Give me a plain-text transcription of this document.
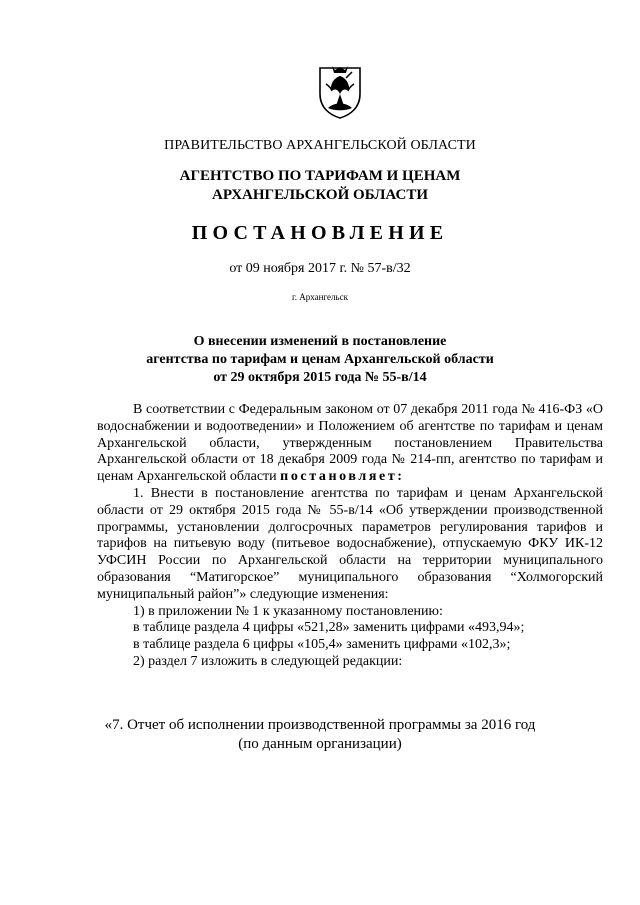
ПРАВИТЕЛЬСТВО АРХАНГЕЛЬСКОЙ ОБЛАСТИ
АГЕНТСТВО ПО ТАРИФАМ И ЦЕНАМ
АРХАНГЕЛЬСКОЙ ОБЛАСТИ
ПОСТАНОВЛЕНИЕ
от 09 ноября 2017 г. № 57-в/32
г. Архангельск
О внесении изменений в постановление
агентства по тарифам и ценам Архангельской области
от 29 октября 2015 года № 55-в/14

В соответствии с Федеральным законом от 07 декабря 2011 года № 416-ФЗ «О водоснабжении и водоотведении» и Положением об агентстве по тарифам и ценам Архангельской области, утвержденным постановлением Правительства Архангельской области от 18 декабря 2009 года № 214-пп, агентство по тарифам и ценам Архангельской области постановляет:

1. Внести в постановление агентства по тарифам и ценам Архангельской области от 29 октября 2015 года № 55-в/14 «Об утверждении производственной программы, установлении долгосрочных параметров регулирования тарифов и тарифов на питьевую воду (питьевое водоснабжение), отпускаемую ФКУ ИК-12 УФСИН России по Архангельской области на территории муниципального образования “Матигорское” муниципального образования “Холмогорский муниципальный район”» следующие изменения:

1) в приложении № 1 к указанному постановлению:

в таблице раздела 4 цифры «521,28» заменить цифрами «493,94»;

в таблице раздела 6 цифры «105,4» заменить цифрами «102,3»;

2) раздел 7 изложить в следующей редакции:

«7. Отчет об исполнении производственной программы за 2016 год
(по данным организации)
